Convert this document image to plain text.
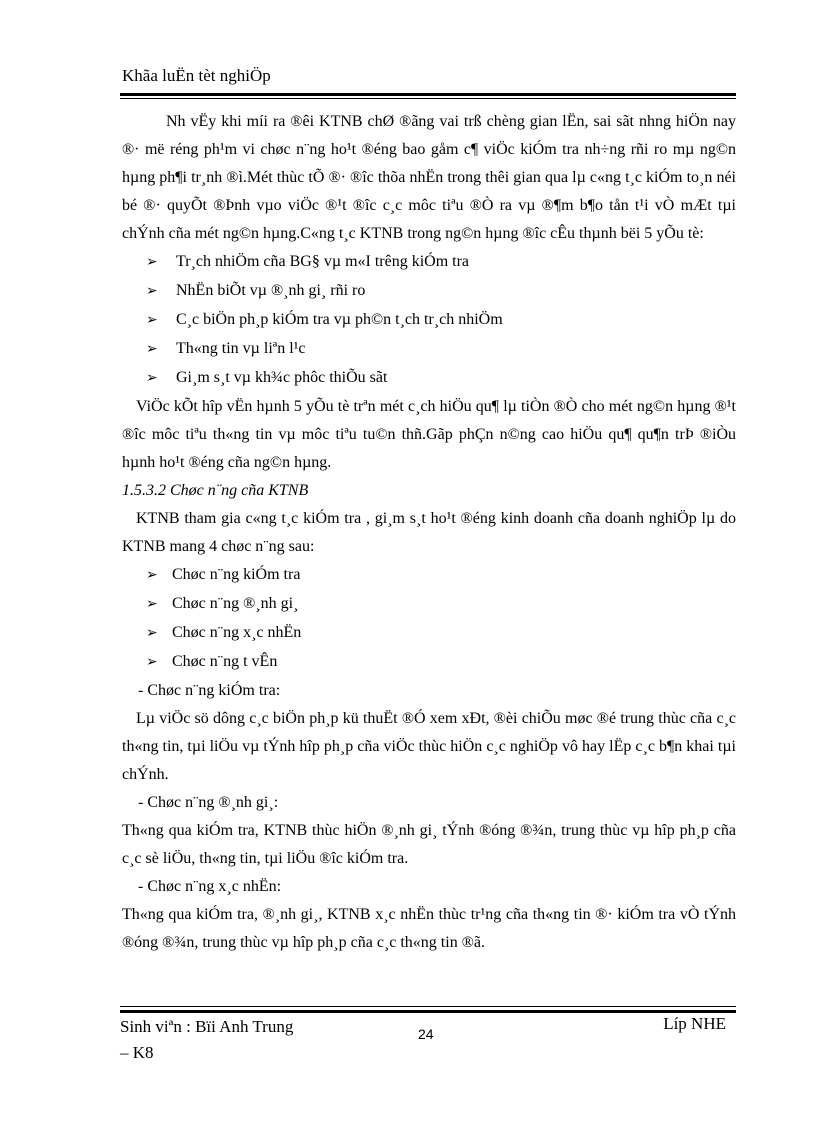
Khãa luËn tèt nghiÖp

Nh vËy khi míi ra ®êi KTNB chØ ®ãng vai trß chèng gian lËn, sai sãt nhng hiÖn nay ®· më réng ph¹m vi chøc n¨ng ho¹t ®éng bao gåm c¶ viÖc kiÓm tra nh÷ng rñi ro mµ ng©n hµng ph¶i tr¸nh ®ì.Mét thùc tÕ ®· ®îc thõa nhËn trong thêi gian qua lµ c«ng t¸c kiÓm to¸n néi bé ®· quyÕt ®Þnh vµo viÖc ®¹t ®îc c¸c môc tiªu ®Ò ra vµ ®¶m b¶o tån t¹i vÒ mÆt tµi chÝnh cña mét ng©n hµng.C«ng t¸c KTNB trong ng©n hµng ®îc cÊu thµnh bëi 5 yÕu tè:

➢	Tr¸ch nhiÖm cña BG§ vµ m«I trêng kiÓm tra

➢	NhËn biÕt vµ ®¸nh gi¸ rñi ro

➢	C¸c biÖn ph¸p kiÓm tra vµ ph©n t¸ch tr¸ch nhiÖm

➢	Th«ng tin vµ liªn l¹c

➢	Gi¸m s¸t vµ kh¾c phôc thiÕu sãt

ViÖc kÕt hîp vËn hµnh 5 yÕu tè trªn mét c¸ch hiÖu qu¶ lµ tiÒn ®Ò cho mét ng©n hµng ®¹t ®îc môc tiªu th«ng tin vµ môc tiªu tu©n thñ.Gãp phÇn n©ng cao hiÖu qu¶ qu¶n trÞ ®iÒu hµnh ho¹t ®éng cña ng©n hµng.

1.5.3.2 Chøc n¨ng cña KTNB

KTNB tham gia c«ng t¸c kiÓm tra , gi¸m s¸t ho¹t ®éng kinh doanh cña doanh nghiÖp lµ do KTNB mang 4 chøc n¨ng sau:

➢ Chøc n¨ng kiÓm tra

➢ Chøc n¨ng ®¸nh gi¸

➢ Chøc n¨ng x¸c nhËn

➢ Chøc n¨ng t vÊn

- Chøc n¨ng kiÓm tra:

Lµ viÖc sö dông c¸c biÖn ph¸p kü thuËt ®Ó xem xÐt, ®èi chiÕu møc ®é trung thùc cña c¸c th«ng tin, tµi liÖu vµ tÝnh hîp ph¸p cña viÖc thùc hiÖn c¸c nghiÖp vô hay lËp c¸c b¶n khai tµi chÝnh.

- Chøc n¨ng ®¸nh gi¸:

Th«ng qua kiÓm tra, KTNB thùc hiÖn ®¸nh gi¸ tÝnh ®óng ®¾n, trung thùc vµ hîp ph¸p cña c¸c sè liÖu, th«ng tin, tµi liÖu ®îc kiÓm tra.

- Chøc n¨ng x¸c nhËn:

Th«ng qua kiÓm tra, ®¸nh gi¸, KTNB x¸c nhËn thùc tr¹ng cña th«ng tin ®· kiÓm tra vÒ tÝnh ®óng ®¾n, trung thùc vµ hîp ph¸p cña c¸c th«ng tin ®ã.

Sinh viªn : Bïi Anh Trung
– K8
24
Líp NHE
